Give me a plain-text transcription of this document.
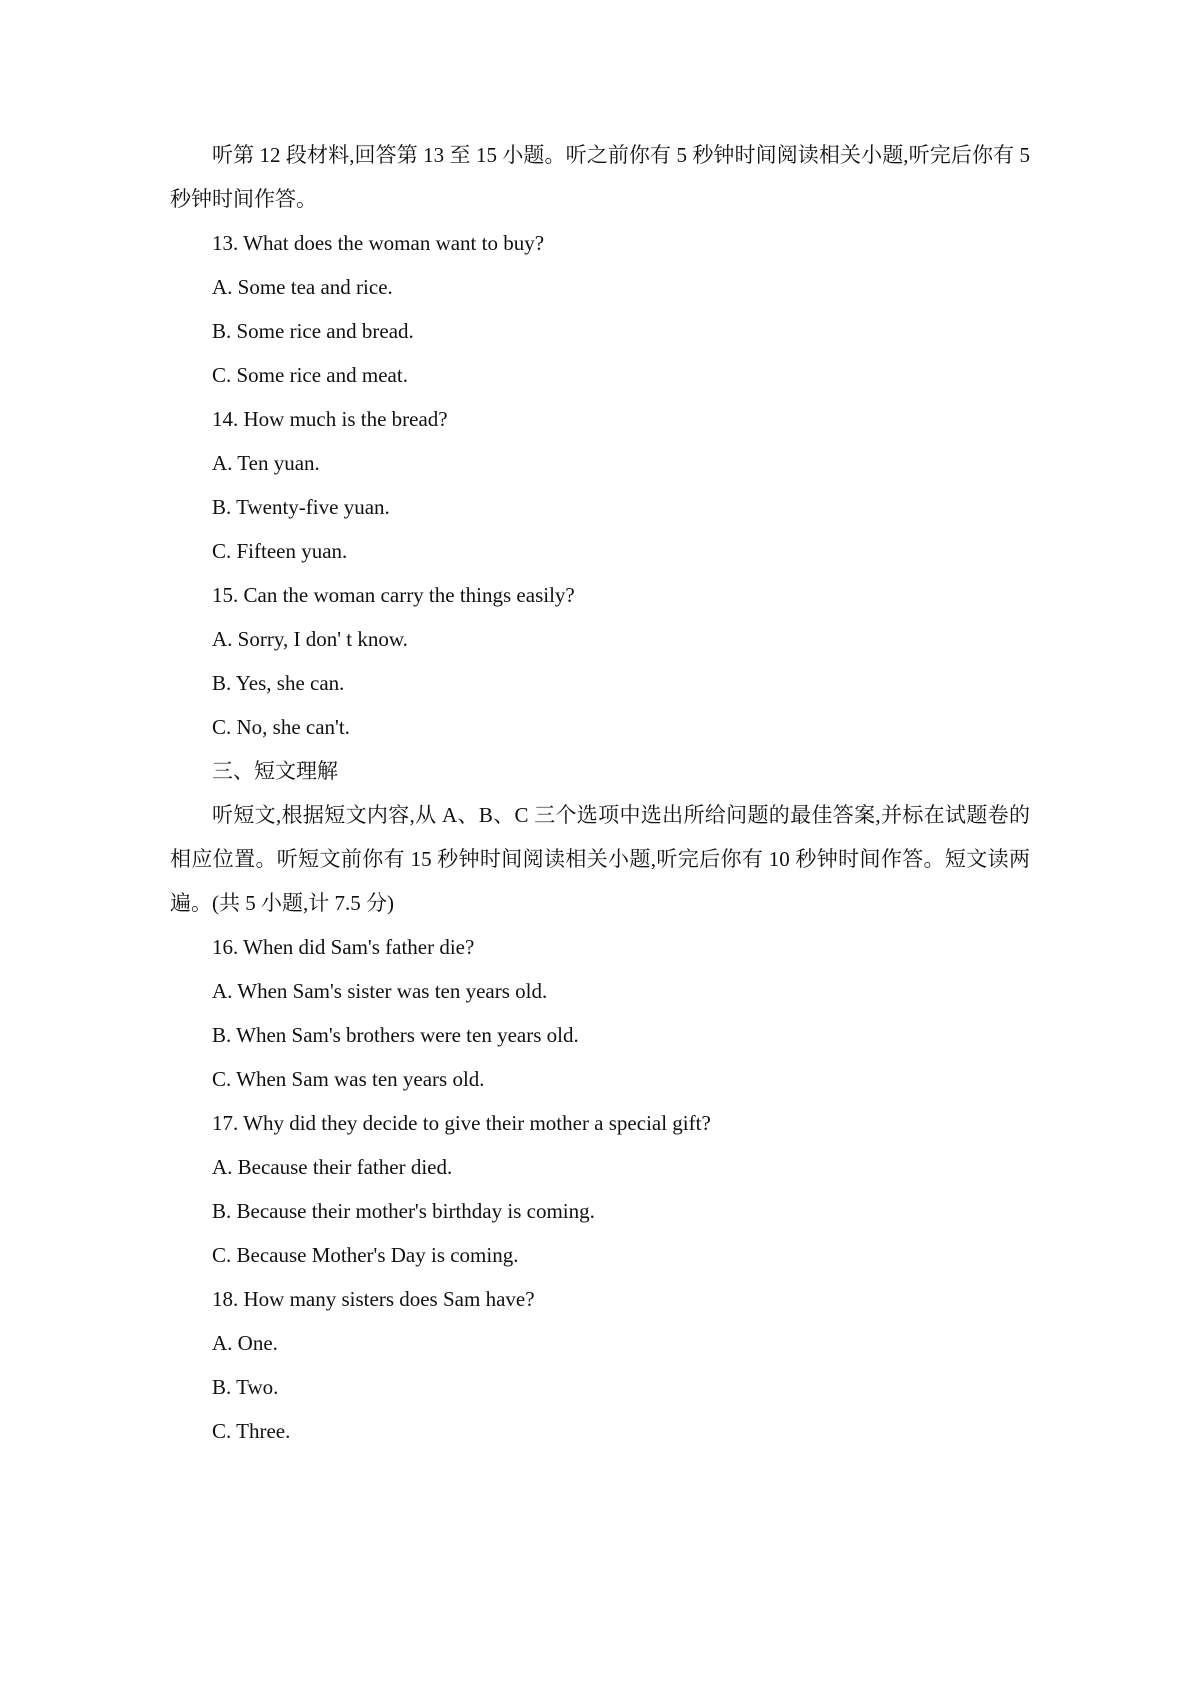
听第 12 段材料,回答第 13 至 15 小题。听之前你有 5 秒钟时间阅读相关小题,听完后你有 5 秒钟时间作答。

13. What does the woman want to buy?

A. Some tea and rice.

B. Some rice and bread.

C. Some rice and meat.

14. How much is the bread?

A. Ten yuan.

B. Twenty-five yuan.

C. Fifteen yuan.

15. Can the woman carry the things easily?

A. Sorry, I don' t know.

B. Yes, she can.

C. No, she can't.

三、短文理解

听短文,根据短文内容,从 A、B、C 三个选项中选出所给问题的最佳答案,并标在试题卷的相应位置。听短文前你有 15 秒钟时间阅读相关小题,听完后你有 10 秒钟时间作答。短文读两遍。(共 5 小题,计 7.5 分)

16. When did Sam's father die?

A. When Sam's sister was ten years old.

B. When Sam's brothers were ten years old.

C. When Sam was ten years old.

17. Why did they decide to give their mother a special gift?

A. Because their father died.

B. Because their mother's birthday is coming.

C. Because Mother's Day is coming.

18. How many sisters does Sam have?

A. One.

B. Two.

C. Three.
